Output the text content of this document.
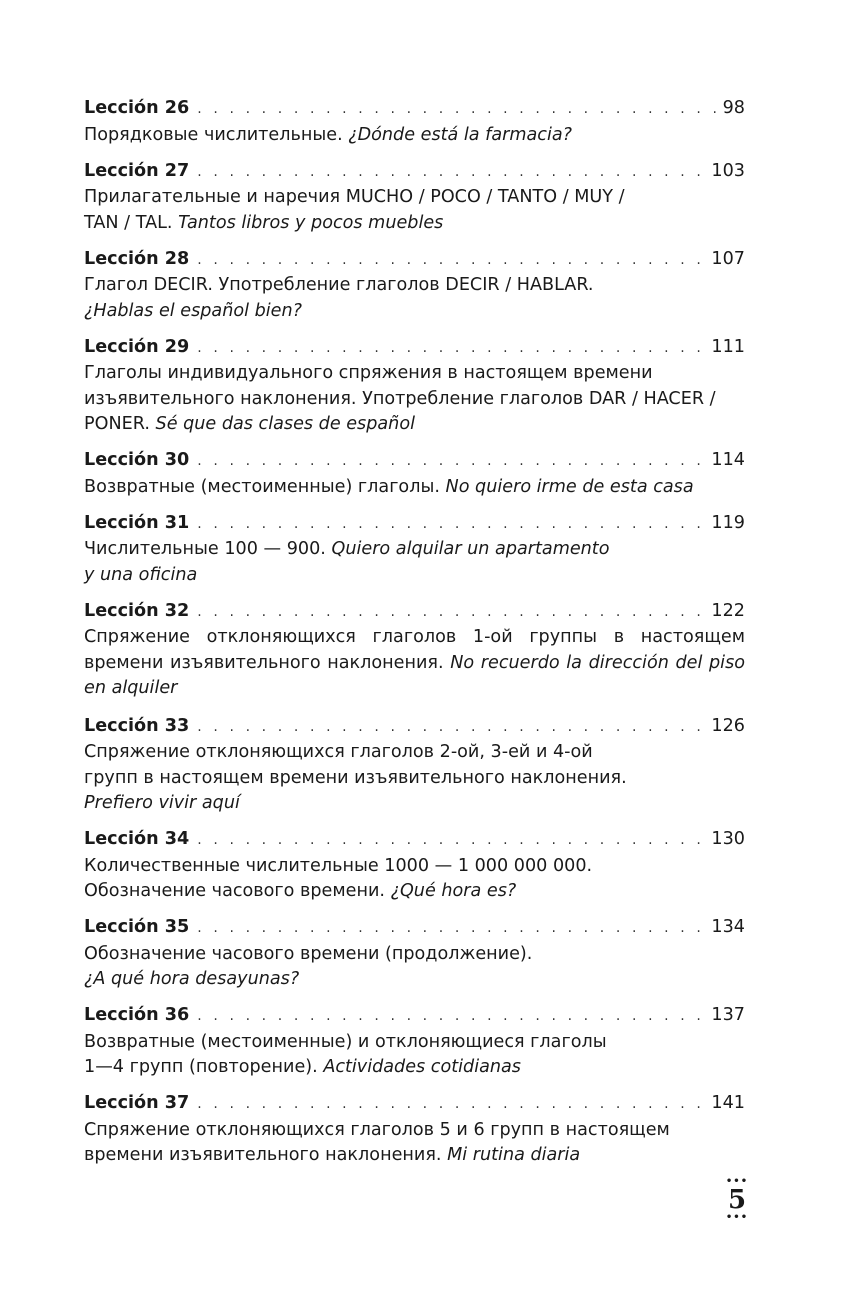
Lección 26 . . .	98
Порядковые числительные. ¿Dónde está la farmacia?
Lección 27 . . .	103
Прилагательные и наречия MUCHO / POCO / TANTO / MUY /
TAN / TAL. Tantos libros y pocos muebles
Lección 28 . . .	107
Глагол DECIR. Употребление глаголов DECIR / HABLAR.
¿Hablas el español bien?
Lección 29 . . .	111
Глаголы индивидуального спряжения в настоящем времени изъявительного наклонения. Употребление глаголов DAR / HACER / PONER. Sé que das clases de español
Lección 30 . . .	114
Возвратные (местоименные) глаголы. No quiero irme de esta casa
Lección 31 . . .	119
Числительные 100 — 900. Quiero alquilar un apartamento
y una oficina
Lección 32 . . .	122
Спряжение отклоняющихся глаголов 1-ой группы в настоящем времени изъявительного наклонения. No recuerdo la dirección del piso en alquiler
Lección 33 . . .	126
Спряжение отклоняющихся глаголов 2-ой, 3-ей и 4-ой
групп в настоящем времени изъявительного наклонения.
Prefiero vivir aquí
Lección 34 . . .	130
Количественные числительные 1000 — 1 000 000 000.
Обозначение часового времени. ¿Qué hora es?
Lección 35 . . .	134
Обозначение часового времени (продолжение).
¿A qué hora desayunas?
Lección 36 . . .	137
Возвратные (местоименные) и отклоняющиеся глаголы
1—4 групп (повторение). Actividades cotidianas
Lección 37 . . .	141
Спряжение отклоняющихся глаголов 5 и 6 групп в настоящем
времени изъявительного наклонения. Mi rutina diaria
•••
5
•••
